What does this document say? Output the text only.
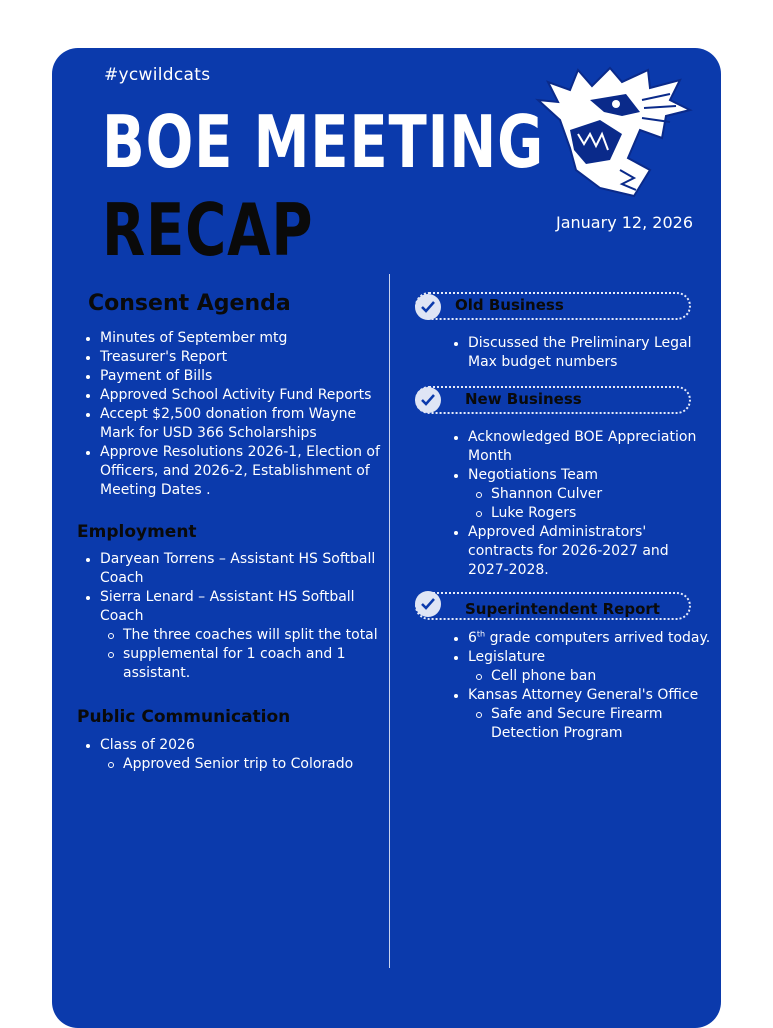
#ycwildcats
BOE MEETING
RECAP	January 12, 2026
Consent Agenda
Minutes of September mtg
Treasurer's Report
Payment of Bills
Approved School Activity Fund Reports
Accept $2,500 donation from Wayne
Mark for USD 366 Scholarships
Approve Resolutions 2026-1, Election of
Officers, and 2026-2, Establishment of
Meeting Dates .
Employment
Daryean Torrens – Assistant HS Softball
Coach
Sierra Lenard – Assistant HS Softball
Coach
The three coaches will split the total
supplemental for 1 coach and 1
assistant.
Public Communication
Class of 2026
Approved Senior trip to Colorado
Old Business
Discussed the Preliminary Legal
Max budget numbers
New Business
Acknowledged BOE Appreciation
Month
Negotiations Team
Shannon Culver
Luke Rogers
Approved Administrators'
contracts for 2026-2027 and
2027-2028.
Superintendent Report
6th grade computers arrived today.
Legislature
Cell phone ban
Kansas Attorney General's Office
Safe and Secure Firearm
Detection Program
